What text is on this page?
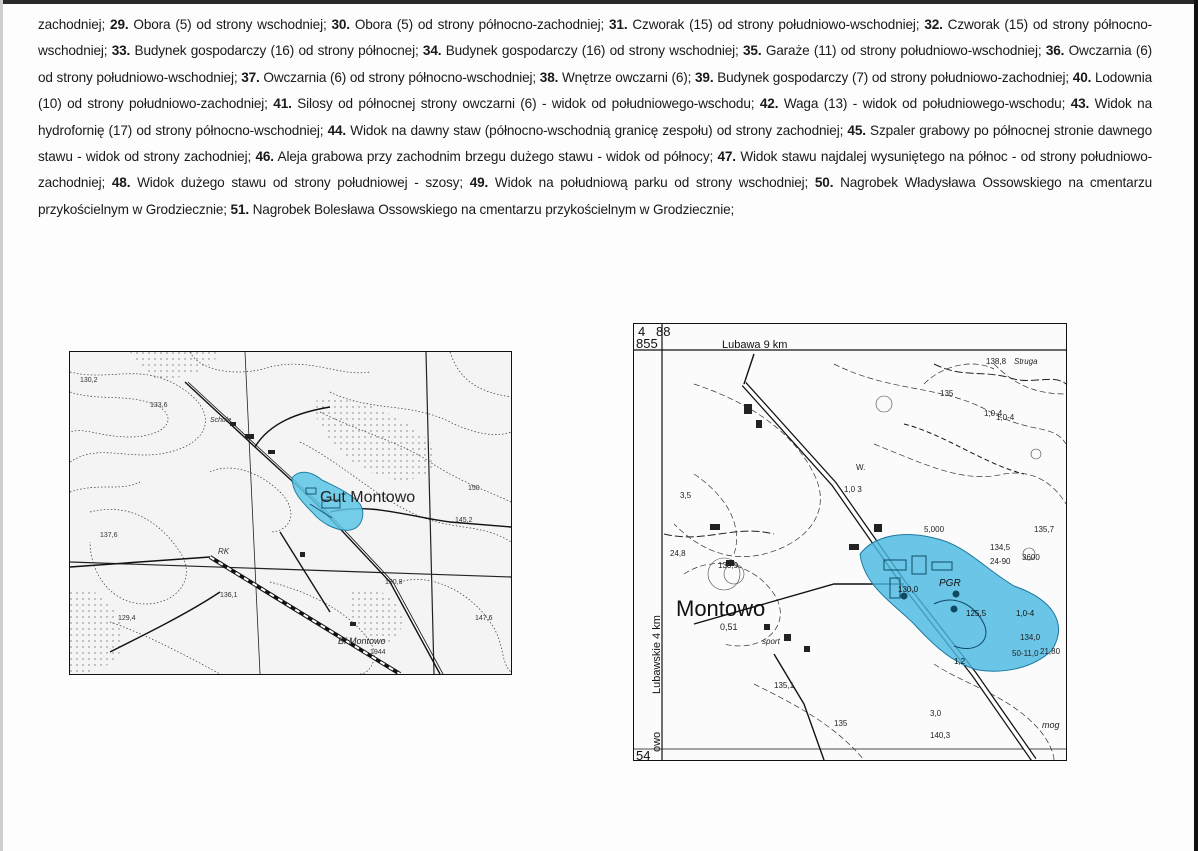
zachodniej; 29. Obora (5) od strony wschodniej; 30. Obora (5) od strony północno-zachodniej; 31. Czworak (15) od strony południowo-wschodniej; 32. Czworak (15) od strony północno-wschodniej; 33. Budynek gospodarczy (16) od strony północnej; 34. Budynek gospodarczy (16) od strony wschodniej; 35. Garaże (11) od strony południowo-wschodniej; 36. Owczarnia (6) od strony południowo-wschodniej; 37. Owczarnia (6) od strony północno-wschodniej; 38. Wnętrze owczarni (6); 39. Budynek gospodarczy (7) od strony południowo-zachodniej; 40. Lodownia (10) od strony południowo-zachodniej; 41. Silosy od północnej strony owczarni (6) - widok od południowego-wschodu; 42. Waga (13) - widok od południowego-wschodu; 43. Widok na hydrofornię (17) od strony północno-wschodniej; 44. Widok na dawny staw (północno-wschodnią granicę zespołu) od strony zachodniej; 45. Szpaler grabowy po północnej stronie dawnego stawu - widok od strony zachodniej; 46. Aleja grabowa przy zachodnim brzegu dużego stawu - widok od północy; 47. Widok stawu najdalej wysuniętego na północ - od strony południowo-zachodniej; 48. Widok dużego stawu od strony południowej - szosy; 49. Widok na południową parku od strony wschodniej; 50. Nagrobek Władysława Ossowskiego na cmentarzu przykościelnym w Grodziecznie; 51. Nagrobek Bolesława Ossowskiego na cmentarzu przykościelnym w Grodziecznie;
Gut Montowo
Bf.Montowo
Schule
137,6
150
133,6
145,2
136,1
RK
129,4
130,8
130,2
147,6
1944
4 88
855
54
Lubawa 9 km
Lubawskie 4 km
owo
Montowo
PGR
Struga
135
1,0-4
W.
1,0 3
5,000
134,5
3600
24-90
135,7
130,0
125,5	1,0-4
1,2
134,0
50-11,0 21,80
133,9
0,51
sport
135,1
135
3,0
140,3
mog
138,8
1,0-4
3,5
24,8
